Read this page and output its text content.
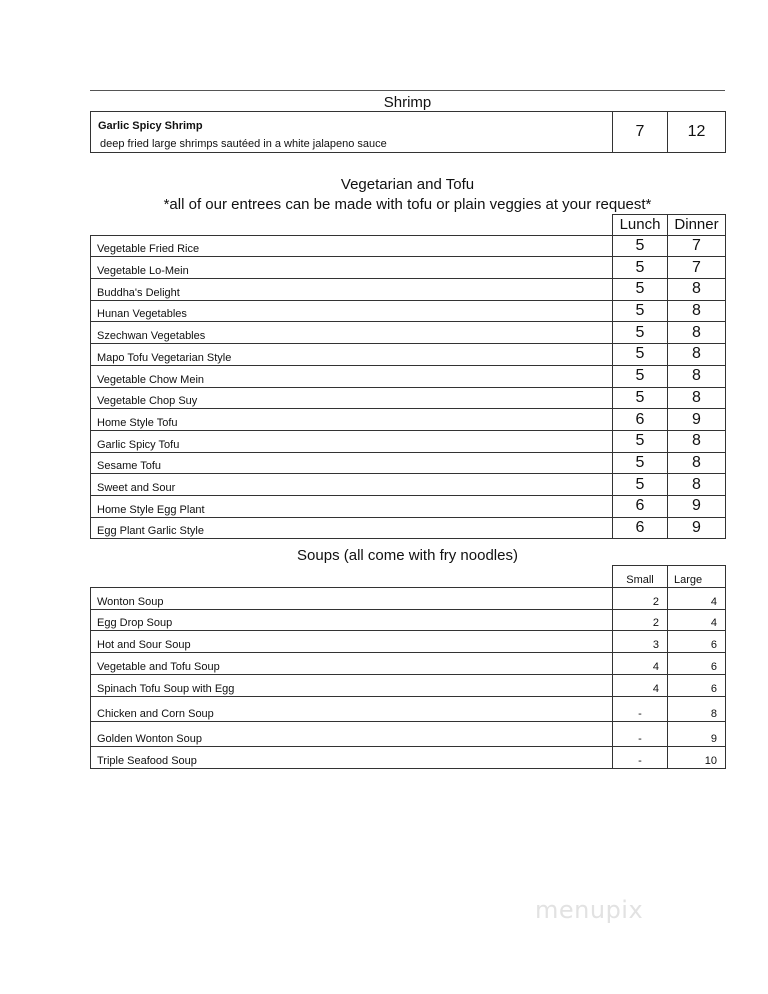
Shrimp
Garlic Spicy Shrimp
deep fried large shrimps sautéed in a white jalapeno sauce
	7	12
Vegetarian and Tofu
*all of our entrees can be made with tofu or plain veggies at your request*
	Lunch	Dinner
Vegetable Fried Rice	5	7
Vegetable Lo-Mein	5	7
Buddha's Delight	5	8
Hunan Vegetables	5	8
Szechwan Vegetables	5	8
Mapo Tofu Vegetarian Style	5	8
Vegetable Chow Mein	5	8
Vegetable Chop Suy	5	8
Home Style Tofu	6	9
Garlic Spicy Tofu	5	8
Sesame Tofu	5	8
Sweet and Sour	5	8
Home Style Egg Plant	6	9
Egg Plant Garlic Style	6	9
Soups (all come with fry noodles)
	Small	Large
Wonton Soup	2	4
Egg Drop Soup	2	4
Hot and Sour Soup	3	6
Vegetable and Tofu Soup	4	6
Spinach Tofu Soup with Egg	4	6
Chicken and Corn Soup	-	8
Golden Wonton Soup	-	9
Triple Seafood Soup	-	10
menupix
